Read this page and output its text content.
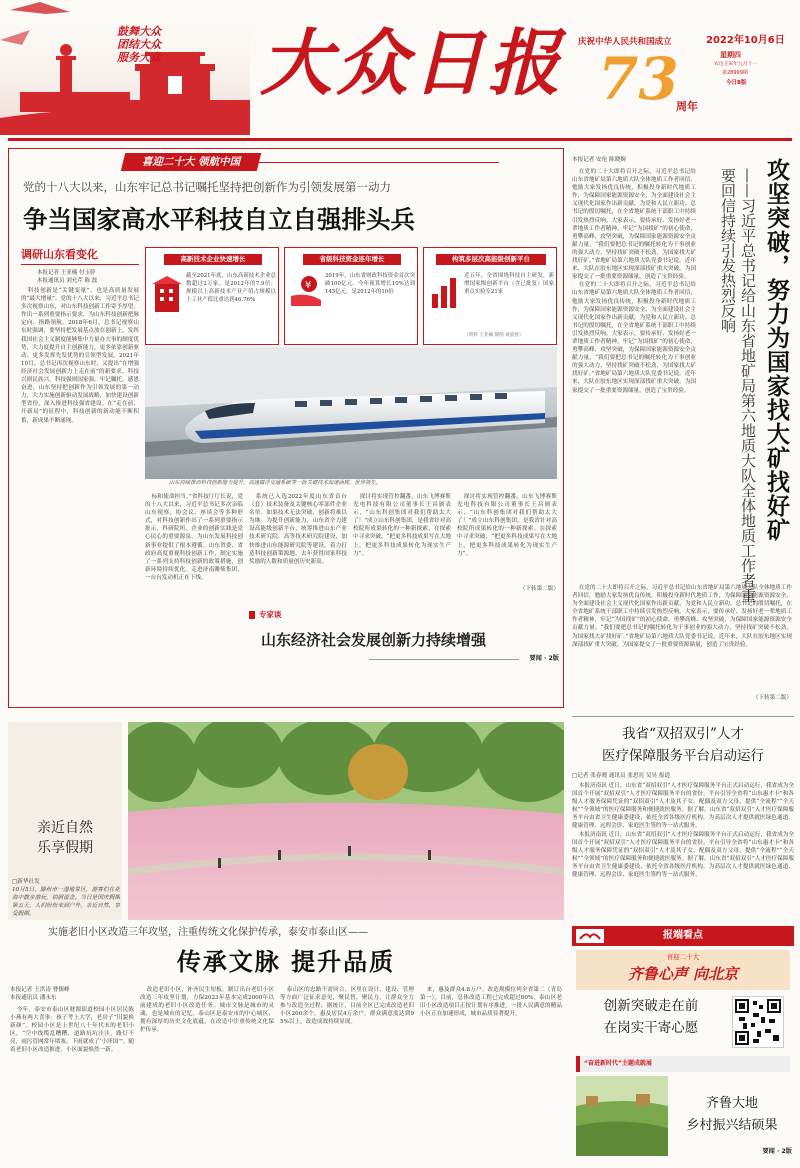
鼓舞大众
团结大众
服务大众	大众日报	庆祝中华人民共和国成立	2022年10月6日
星期四
农历壬寅年九月十一
第28999期
今日8版
73
周年
喜迎二十大 领航中国
党的十八大以来，山东牢记总书记嘱托坚持把创新作为引领发展第一动力
争当国家高水平科技自立自强排头兵
调研山东看变化
本报记者 王亚楠 付玉婷
本报通讯员 刘允芹 陈 磊

科技创新是“关键变量”，也是高质量发展的“最大增量”。党的十八大以来，习近平总书记多次视察山东，对山东科技创新工作寄予厚望。作出一系列重要指示要求，为山东科技创新把脉定向、指路领航。2018年6月，总书记视察山东时强调，要坚持把发展基点放在创新上，发挥我国社会主义制度能够集中力量办大事的制度优势，大力度提升自主创新能力，更多依靠创新驱动、更多发挥先发优势的引领型发展。2021年10月，总书记再次视察山东时，又提出“在增强经济社会发展创新力上走在前”的新要求。科技兴则民族兴，科技强则国家强。牢记嘱托，感恩奋进，山东坚持把创新作为引领发展的第一动力，大力实施创新驱动发展战略，加快建设创新型省份，深入推进科技强省建设。在“走在前、开新局”的征程中，科技创新的新动能不断积蓄，新成果不断涌现。

高新技术企业快速增长
截至2021年底，山东高新技术企业总数超过2万家。是2012年的7.9倍；规模以上高新技术产业产值占规模以上工业产值比重达到46.76%
省级科技资金连年增长
¥
2019年，山东省财政科技资金首次突破100亿元。今年预算增长10%达到145亿元，是2012年的10倍
构筑多层次高能级创新平台
近五年，全省围绕科技自主研发，新增国家级创新平台（含已批复）国家重点实验室21家
（资料 王亚楠 制图 谈骁曾）
山东持续推动科技创新能力提升。高速磁浮交通系统等一批关键技术加速涌现，世界领先。

标和使命担当。”省科技厅厅长说，党的十八大以来，习近平总书记多次亲临山东视察，协会议、座谈会等多种形式，对科技创新作出了一系列重要指示批示，科研院所、企业的创新实践是党心民心的重要源泉，为山东发展科技创新事业提供了根本遵循。山东省委、省政府高度重视科技创新工作，制定实施了一系列支持科技创新的政策措施，创新环境持续优化。走进济南潍柴集团，一台台发动机正在下线。

系统已入选2022年度山东省首台（套）技术装备及关键核心零部件企业名单。如果技术无法突破，创新将难以为继。为提升创新能力，山东省全力建设高能级创新平台，统筹推进山东产业技术研究院、高等技术研究院建设，加快推进山东能源研究院等建设，着力打造科技创新策源地。去年获得国家科技奖励的人数和质量创历史新高。

探讨将实现管控翻番。山东飞博赛斯光电科技有限公司董事长王昌颁表示，“山东科创集团对我们帮助太大了！”成立山东科创集团，是我省针对高校院所成果转化的一种新探索。在探索中寻求突破，“把更多科技成果写在大地上，把更多科技成果转化为现实生产力”。

探讨将实现管控翻番。山东飞博赛斯光电科技有限公司董事长王昌颁表示，“山东科创集团对我们帮助太大了！”成立山东科创集团，是我省针对高校院所成果转化的一种新探索。在探索中寻求突破，“把更多科技成果写在大地上，把更多科技成果转化为现实生产力”。

（下转第二版）
专家谈
山东经济社会发展创新力持续增强
要闻 · 2版
本报记者 安伦 陈晓婉	攻坚突破，努力为国家找大矿找好矿
——习近平总书记给山东省地矿局第六地质大队全体地质工作者重要回信持续引发热烈反响

在党的二十大即将召开之际，习近平总书记给山东省地矿局第六地质大队全体地质工作者回信，勉励大家发扬优良传统，积极投身新时代地质工作，为保障国家能源资源安全、为全面建设社会主义现代化国家作出新贡献，为党和人民立新功。总书记的殷切嘱托，在全省地矿系统干部职工中持续引发热烈反响。大家表示，要传承好、发扬好老一辈地质工作者精神，牢记“为国找矿”的初心使命，勇攀高峰、攻坚突破，为保障国家能源资源安全贡献力量。“我们要把总书记的嘱托转化为干事创业的强大动力，坚持找矿突破不松劲，为国家找大矿找好矿。”省地矿局第六地质大队党委书记说。近年来，大队在胶东地区实现深部找矿重大突破，为国家提交了一批重要资源储量，创造了宝贵经验。

在党的二十大即将召开之际，习近平总书记给山东省地矿局第六地质大队全体地质工作者回信，勉励大家发扬优良传统，积极投身新时代地质工作，为保障国家能源资源安全、为全面建设社会主义现代化国家作出新贡献，为党和人民立新功。总书记的殷切嘱托，在全省地矿系统干部职工中持续引发热烈反响。大家表示，要传承好、发扬好老一辈地质工作者精神，牢记“为国找矿”的初心使命，勇攀高峰、攻坚突破，为保障国家能源资源安全贡献力量。“我们要把总书记的嘱托转化为干事创业的强大动力，坚持找矿突破不松劲，为国家找大矿找好矿。”省地矿局第六地质大队党委书记说。近年来，大队在胶东地区实现深部找矿重大突破，为国家提交了一批重要资源储量，创造了宝贵经验。

在党的二十大即将召开之际，习近平总书记给山东省地矿局第六地质大队全体地质工作者回信，勉励大家发扬优良传统，积极投身新时代地质工作，为保障国家能源资源安全、为全面建设社会主义现代化国家作出新贡献，为党和人民立新功。总书记的殷切嘱托，在全省地矿系统干部职工中持续引发热烈反响。大家表示，要传承好、发扬好老一辈地质工作者精神，牢记“为国找矿”的初心使命，勇攀高峰、攻坚突破，为保障国家能源资源安全贡献力量。“我们要把总书记的嘱托转化为干事创业的强大动力，坚持找矿突破不松劲，为国家找大矿找好矿。”省地矿局第六地质大队党委书记说。近年来，大队在胶东地区实现深部找矿重大突破，为国家提交了一批重要资源储量，创造了宝贵经验。

（下转第二版）
亲近自然
乐享假期
□新华社发
10月5日，滕州市一湿地景区，游客们在花海中散步游玩，拍照留念。当日是国庆假期第五天，人们纷纷来到户外，亲近自然，享受假期。
我省“双招双引”人才
医疗保障服务平台启动运行
□记者 张春晓 通讯员 张思亮 吴昊 报道

本报济南讯 近日，山东省“双招双引”人才医疗保障服务平台正式启动运行，我省成为全国首个开展“双招双引”人才医疗保障服务平台的省份。平台引导全省将“山东惠才卡”和各级人才服务保障凭证的“双招双引”人才及其子女、配偶及双方父母，提供“全流程”“全天候”“全领域”的医疗保障服务和便捷就医服务。据了解，山东省“双招双引”人才医疗保障服务平台由省卫生健康委建设，依托全省各级医疗机构，为高层次人才提供就医绿色通道、健康管理、远程会诊、家庭医生签约等一站式服务。

本报济南讯 近日，山东省“双招双引”人才医疗保障服务平台正式启动运行，我省成为全国首个开展“双招双引”人才医疗保障服务平台的省份。平台引导全省将“山东惠才卡”和各级人才服务保障凭证的“双招双引”人才及其子女、配偶及双方父母，提供“全流程”“全天候”“全领域”的医疗保障服务和便捷就医服务。据了解，山东省“双招双引”人才医疗保障服务平台由省卫生健康委建设，依托全省各级医疗机构，为高层次人才提供就医绿色通道、健康管理、远程会诊、家庭医生签约等一站式服务。

实施老旧小区改造三年攻坚，注重传统文化保护传承，泰安市泰山区——
传承文脉 提升品质
本报记者 王洪涛 曹儒峰
本报通讯员 潘永东

今年，泰安市泰山区财源街道校园小区居民陈小燕有两大喜事：孩子考上大学，老房子“旧貌换新颜”。校园小区是上世纪八十年代末的老旧小区，“空中线缆乱糟糟，道路坑坑洼洼，路灯不亮，雨污管网常年堵塞，下雨就成了‘小泽国’”。随着老旧小区改造推进，小区面貌焕然一新。

改造老旧小区，补齐民生短板。制订出台老旧小区改造三年攻坚计划，力保2023年基本完成2000年以前建成的老旧小区改造任务。城市文脉是城市的灵魂，也是城市的记忆。泰山区是泰安市的中心城区，拥有深厚的历史文化底蕴，在改造中注重传统文化保护传承。

泰山区的忠路不需回合。区里在设计、建设、管理等方面广泛征求意见，聚民智、聚民力。让群众全力参与改造全过程。据统计，目前全区已完成改造老旧小区200余个，惠及居民4万余户，群众满意度达到95%以上，改造成效持续显现。

来，惠及群众4.8万户。改造规模位列全省第二（青岛第一）。目前，总体改造工程已完成超过80%，泰山区老旧小区改造项目正按计划有序推进，一批人民满意的精品小区正在加速形成，城市品质显著提升。

报端看点
喜迎二十大
齐鲁心声 向北京
创新突破走在前
在岗实干寄心愿
“奋进新时代”主题成就展
齐鲁大地
乡村振兴结硕果
要闻 · 2版
